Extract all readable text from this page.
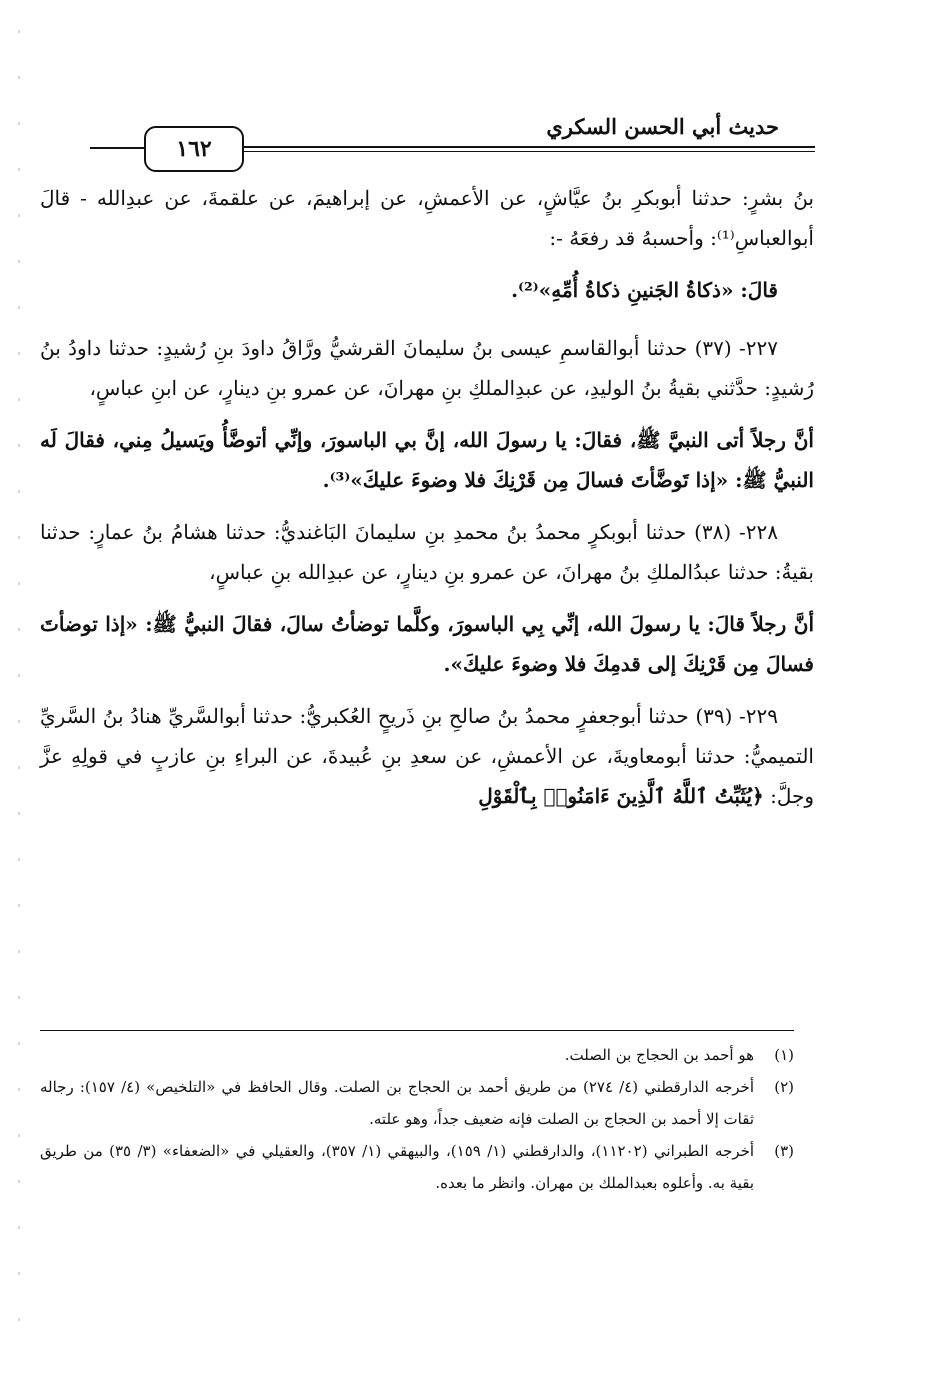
حديث أبي الحسن السكري
١٦٢

بنُ بشرٍ: حدثنا أبوبكرِ بنُ عيَّاشٍ، عن الأعمشِ، عن إبراهيمَ، عن علقمةَ، عن عبدِالله - قالَ أبوالعباسِ⁽¹⁾: وأحسبهُ قد رفعَهُ -:

قالَ: «ذكاةُ الجَنينِ ذكاةُ أُمِّهِ»⁽²⁾.

٢٢٧- (٣٧) حدثنا أبوالقاسمِ عيسى بنُ سليمانَ القرشيُّ ورَّاقُ داودَ بنِ رُشيدٍ: حدثنا داودُ بنُ رُشيدٍ: حدَّثني بقيةُ بنُ الوليدِ، عن عبدِالملكِ بنِ مهرانَ، عن عمرو بنِ دينارٍ، عن ابنِ عباسٍ،

أنَّ رجلاً أتى النبيَّ ﷺ، فقالَ: يا رسولَ الله، إنَّ بي الباسورَ، وإنِّي أتوضَّأُ ويَسيلُ مِني، فقالَ لَه النبيُّ ﷺ: «إذا تَوضَّأتَ فسالَ مِن قَرْنِكَ فلا وضوءَ عليكَ»⁽³⁾.

٢٢٨- (٣٨) حدثنا أبوبكرٍ محمدُ بنُ محمدِ بنِ سليمانَ البَاغنديُّ: حدثنا هشامُ بنُ عمارٍ: حدثنا بقيةُ: حدثنا عبدُالملكِ بنُ مهرانَ، عن عمرو بنِ دينارٍ، عن عبدِالله بنِ عباسٍ،

أنَّ رجلاً قالَ: يا رسولَ الله، إنِّي بِي الباسورَ، وكلَّما توضأتُ سالَ، فقالَ النبيُّ ﷺ: «إذا توضأتَ فسالَ مِن قَرْنِكَ إلى قدمِكَ فلا وضوءَ عليكَ».

٢٢٩- (٣٩) حدثنا أبوجعفرٍ محمدُ بنُ صالحِ بنِ ذَريحٍ العُكبريُّ: حدثنا أبوالسَّريِّ هنادُ بنُ السَّريِّ التميميُّ: حدثنا أبومعاويةَ، عن الأعمشِ، عن سعدِ بنِ عُبيدةَ، عن البراءِ بنِ عازبٍ في قولِهِ عزَّ وجلَّ: ﴿يُثَبِّتُ ٱللَّهُ ٱلَّذِينَ ءَامَنُوا۟ بِٱلْقَوْلِ

(١)
هو أحمد بن الحجاج بن الصلت.

(٢)
أخرجه الدارقطني (٤/ ٢٧٤) من طريق أحمد بن الحجاج بن الصلت. وقال الحافظ في «التلخيص» (٤/ ١٥٧): رجاله ثقات إلا أحمد بن الحجاج بن الصلت فإنه ضعيف جداً، وهو علته.

(٣)
أخرجه الطبراني (١١٢٠٢)، والدارقطني (١/ ١٥٩)، والبيهقي (١/ ٣٥٧)، والعقيلي في «الضعفاء» (٣/ ٣٥) من طريق بقية به. وأعلوه بعبدالملك بن مهران. وانظر ما بعده.
